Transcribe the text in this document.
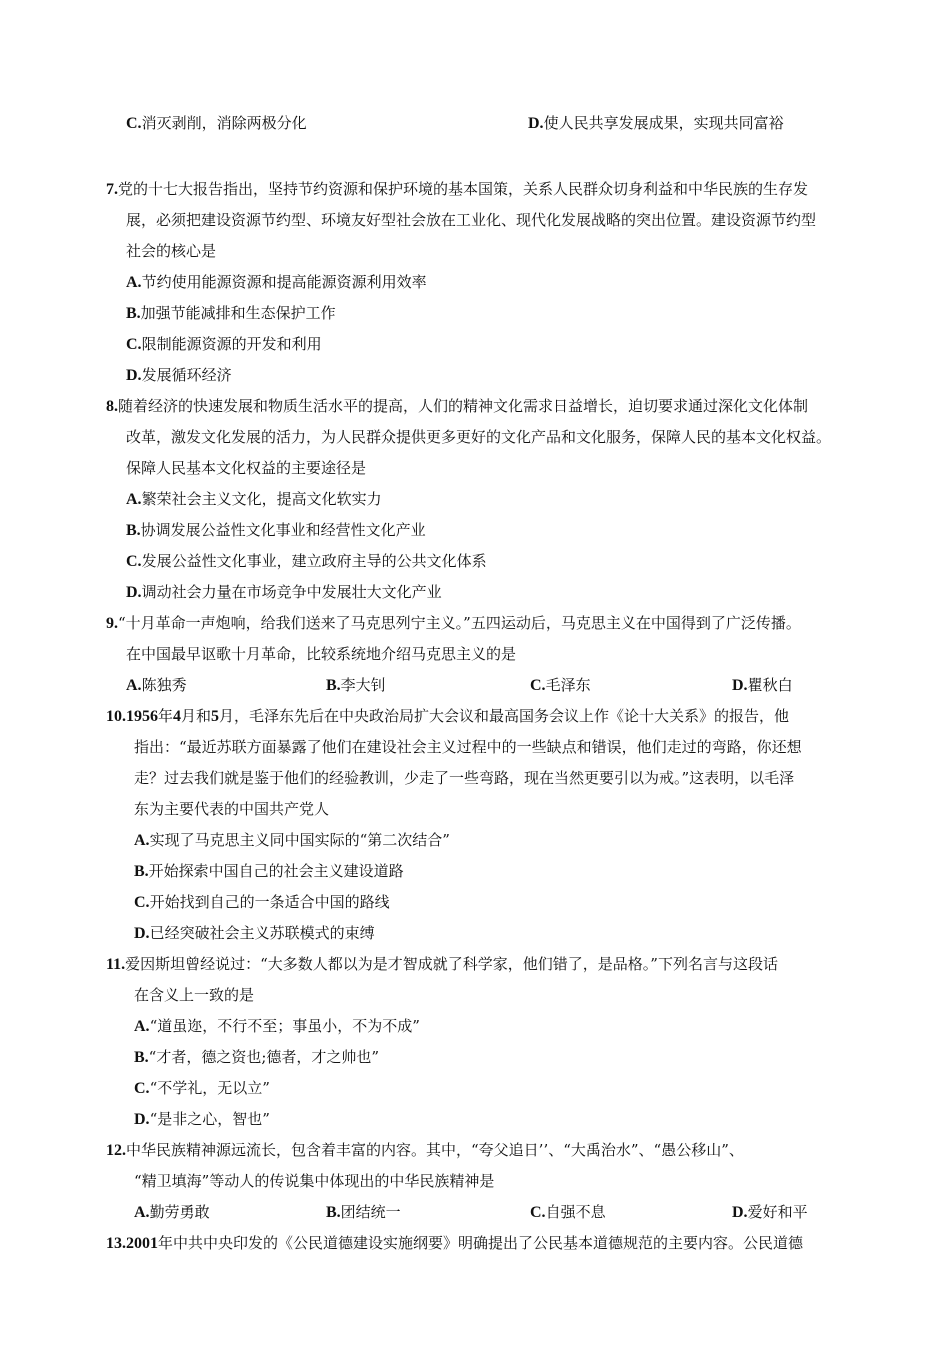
C.消灭剥削，消除两极分化	D.使人民共享发展成果，实现共同富裕
7.党的十七大报告指出，坚持节约资源和保护环境的基本国策，关系人民群众切身利益和中华民族的生存发
展，必须把建设资源节约型、环境友好型社会放在工业化、现代化发展战略的突出位置。建设资源节约型
社会的核心是
A.节约使用能源资源和提高能源资源利用效率
B.加强节能减排和生态保护工作
C.限制能源资源的开发和利用
D.发展循环经济
8.随着经济的快速发展和物质生活水平的提高，人们的精神文化需求日益增长，迫切要求通过深化文化体制
改革，激发文化发展的活力，为人民群众提供更多更好的文化产品和文化服务，保障人民的基本文化权益。
保障人民基本文化权益的主要途径是
A.繁荣社会主义文化，提高文化软实力
B.协调发展公益性文化事业和经营性文化产业
C.发展公益性文化事业，建立政府主导的公共文化体系
D.调动社会力量在市场竞争中发展壮大文化产业
9.“十月革命一声炮响，给我们送来了马克思列宁主义。”五四运动后，马克思主义在中国得到了广泛传播。
在中国最早讴歌十月革命，比较系统地介绍马克思主义的是
A.陈独秀	B.李大钊	C.毛泽东	D.瞿秋白
10.1956年4月和5月，毛泽东先后在中央政治局扩大会议和最高国务会议上作《论十大关系》的报告，他
指出：“最近苏联方面暴露了他们在建设社会主义过程中的一些缺点和错误，他们走过的弯路，你还想
走？过去我们就是鉴于他们的经验教训，少走了一些弯路，现在当然更要引以为戒。”这表明，以毛泽
东为主要代表的中国共产党人
A.实现了马克思主义同中国实际的“第二次结合”
B.开始探索中国自己的社会主义建设道路
C.开始找到自己的一条适合中国的路线
D.已经突破社会主义苏联模式的束缚
11.爱因斯坦曾经说过：“大多数人都以为是才智成就了科学家，他们错了，是品格。”下列名言与这段话
在含义上一致的是
A.“道虽迩，不行不至；事虽小，不为不成”
B.“才者，德之资也;德者，才之帅也”
C.“不学礼，无以立”
D.“是非之心，智也”
12.中华民族精神源远流长，包含着丰富的内容。其中，“夸父追日’’、“大禹治水”、“愚公移山”、
“精卫填海”等动人的传说集中体现出的中华民族精神是
A.勤劳勇敢	B.团结统一	C.自强不息	D.爱好和平
13.2001年中共中央印发的《公民道德建设实施纲要》明确提出了公民基本道德规范的主要内容。公民道德
